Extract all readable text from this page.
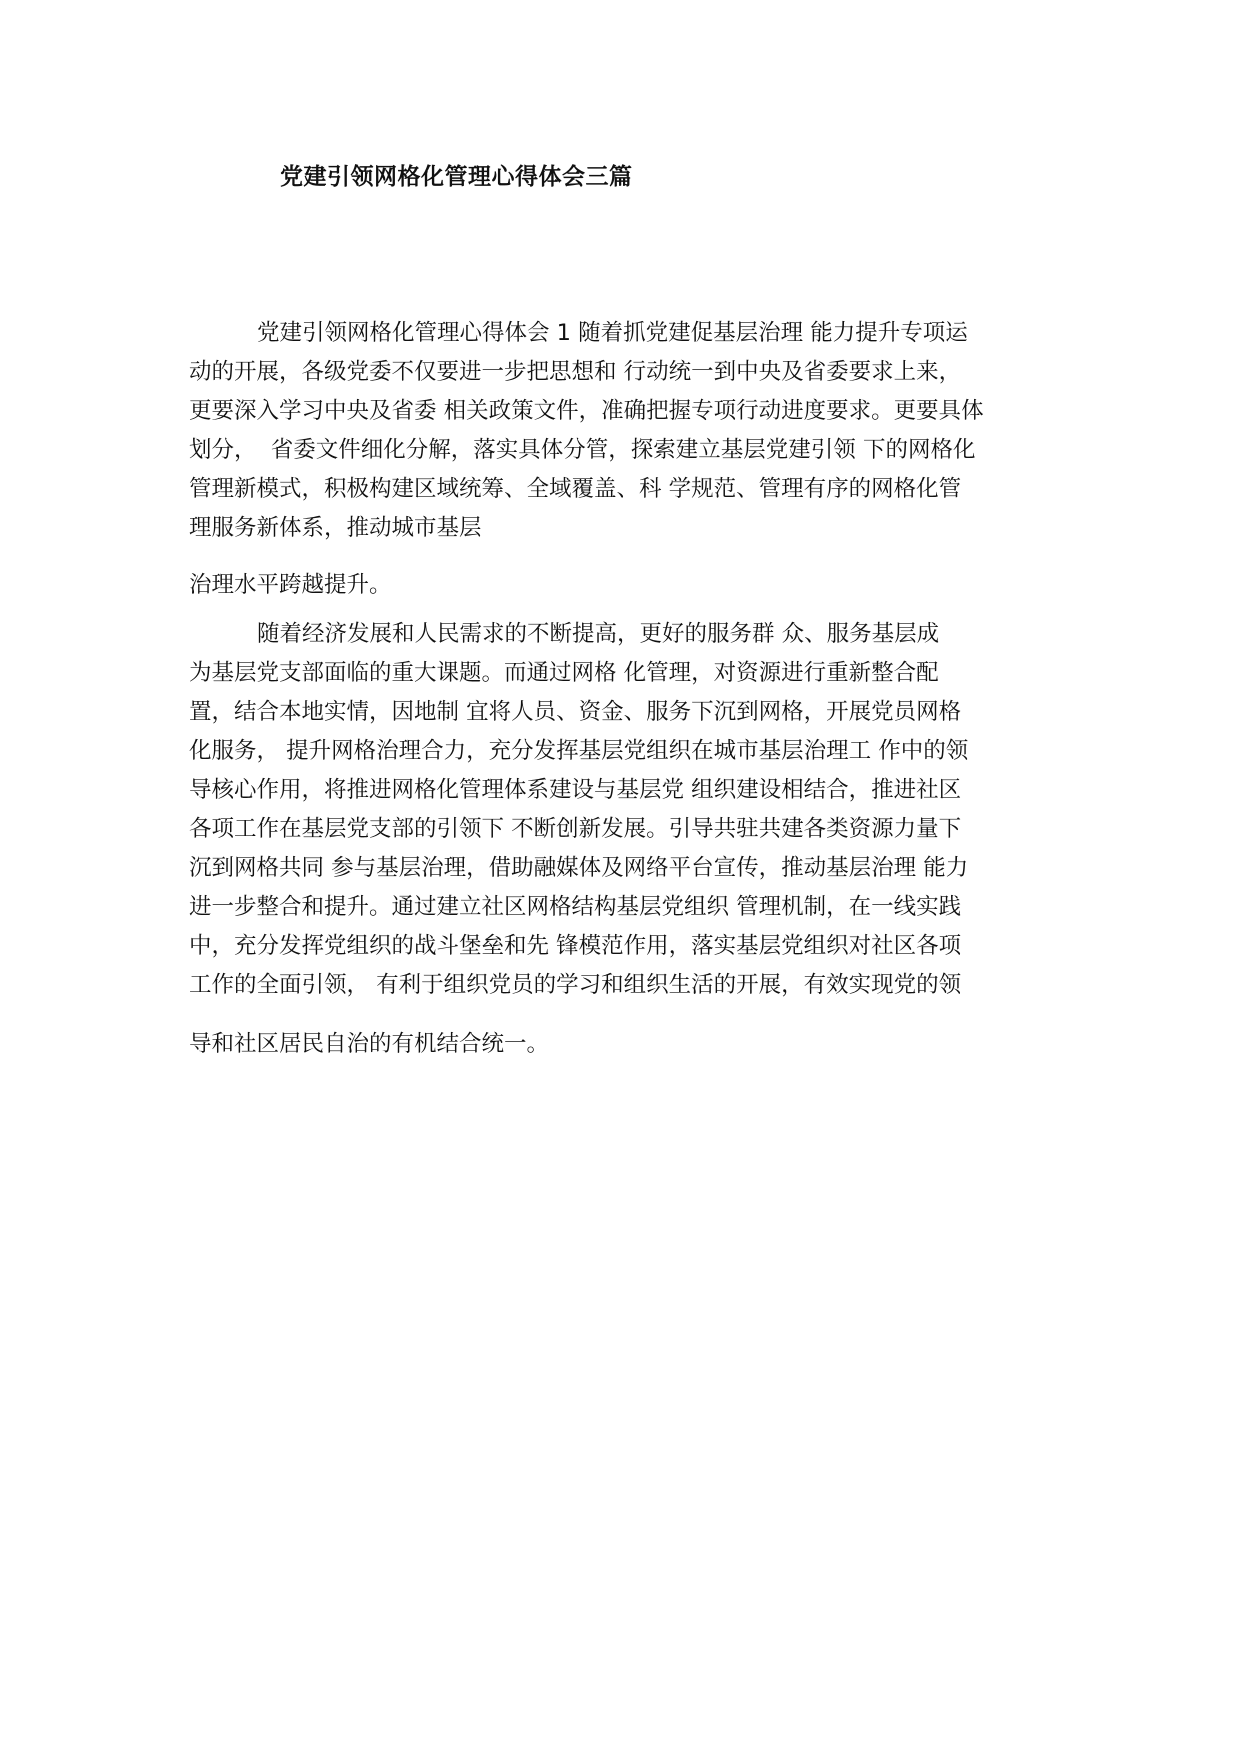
党建引领网格化管理心得体会三篇
党建引领网格化管理心得体会 1 随着抓党建促基层治理 能力提升专项运
动的开展，各级党委不仅要进一步把思想和 行动统一到中央及省委要求上来，
更要深入学习中央及省委 相关政策文件，准确把握专项行动进度要求。更要具体
划分，  省委文件细化分解，落实具体分管，探索建立基层党建引领 下的网格化
管理新模式，积极构建区域统筹、全域覆盖、科 学规范、管理有序的网格化管
理服务新体系，推动城市基层
治理水平跨越提升。
随着经济发展和人民需求的不断提高，更好的服务群 众、服务基层成
为基层党支部面临的重大课题。而通过网格 化管理，对资源进行重新整合配
置，结合本地实情，因地制 宜将人员、资金、服务下沉到网格，开展党员网格
化服务， 提升网格治理合力，充分发挥基层党组织在城市基层治理工 作中的领
导核心作用，将推进网格化管理体系建设与基层党 组织建设相结合，推进社区
各项工作在基层党支部的引领下 不断创新发展。引导共驻共建各类资源力量下
沉到网格共同 参与基层治理，借助融媒体及网络平台宣传，推动基层治理 能力
进一步整合和提升。通过建立社区网格结构基层党组织 管理机制，在一线实践
中，充分发挥党组织的战斗堡垒和先 锋模范作用，落实基层党组织对社区各项
工作的全面引领， 有利于组织党员的学习和组织生活的开展，有效实现党的领
导和社区居民自治的有机结合统一。
